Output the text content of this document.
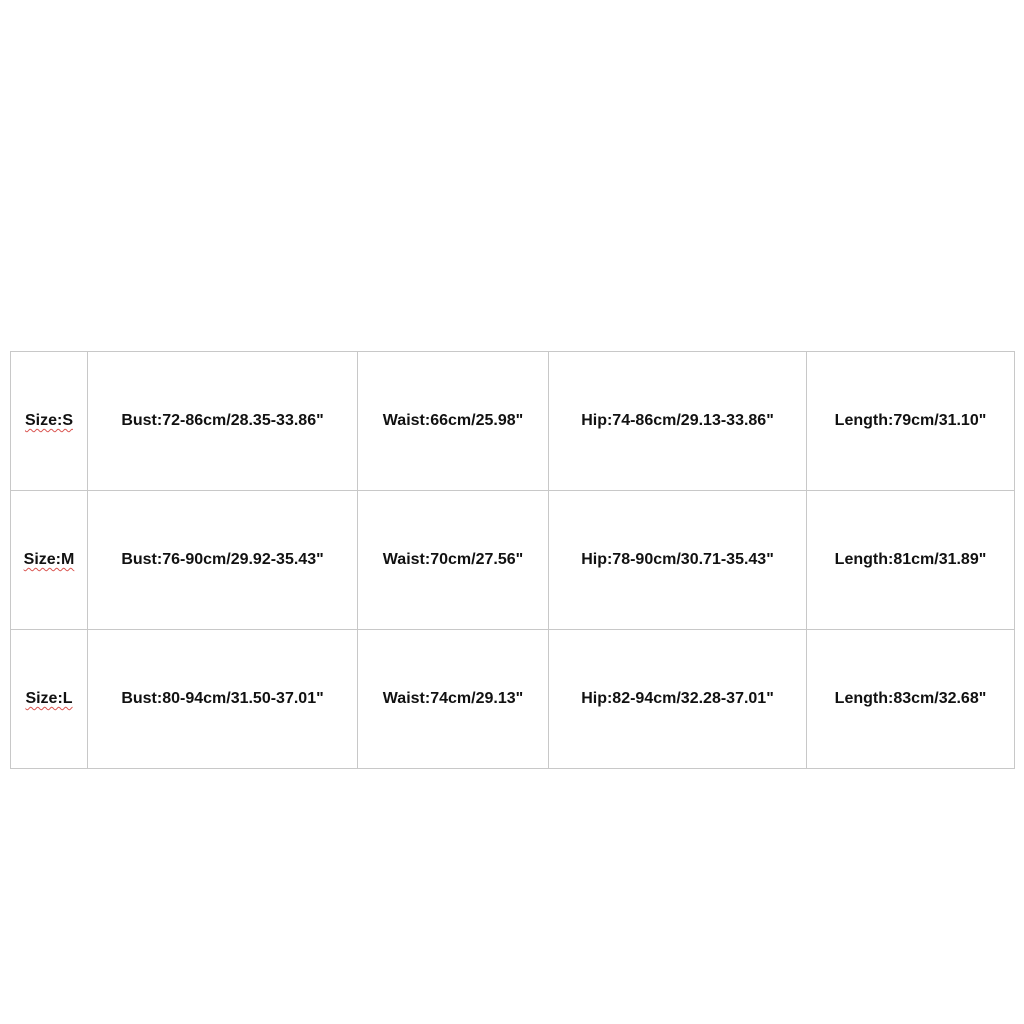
Size:S	Bust:72-86cm/28.35-33.86"	Waist:66cm/25.98"	Hip:74-86cm/29.13-33.86"	Length:79cm/31.10"
Size:M	Bust:76-90cm/29.92-35.43"	Waist:70cm/27.56"	Hip:78-90cm/30.71-35.43"	Length:81cm/31.89"
Size:L	Bust:80-94cm/31.50-37.01"	Waist:74cm/29.13"	Hip:82-94cm/32.28-37.01"	Length:83cm/32.68"
